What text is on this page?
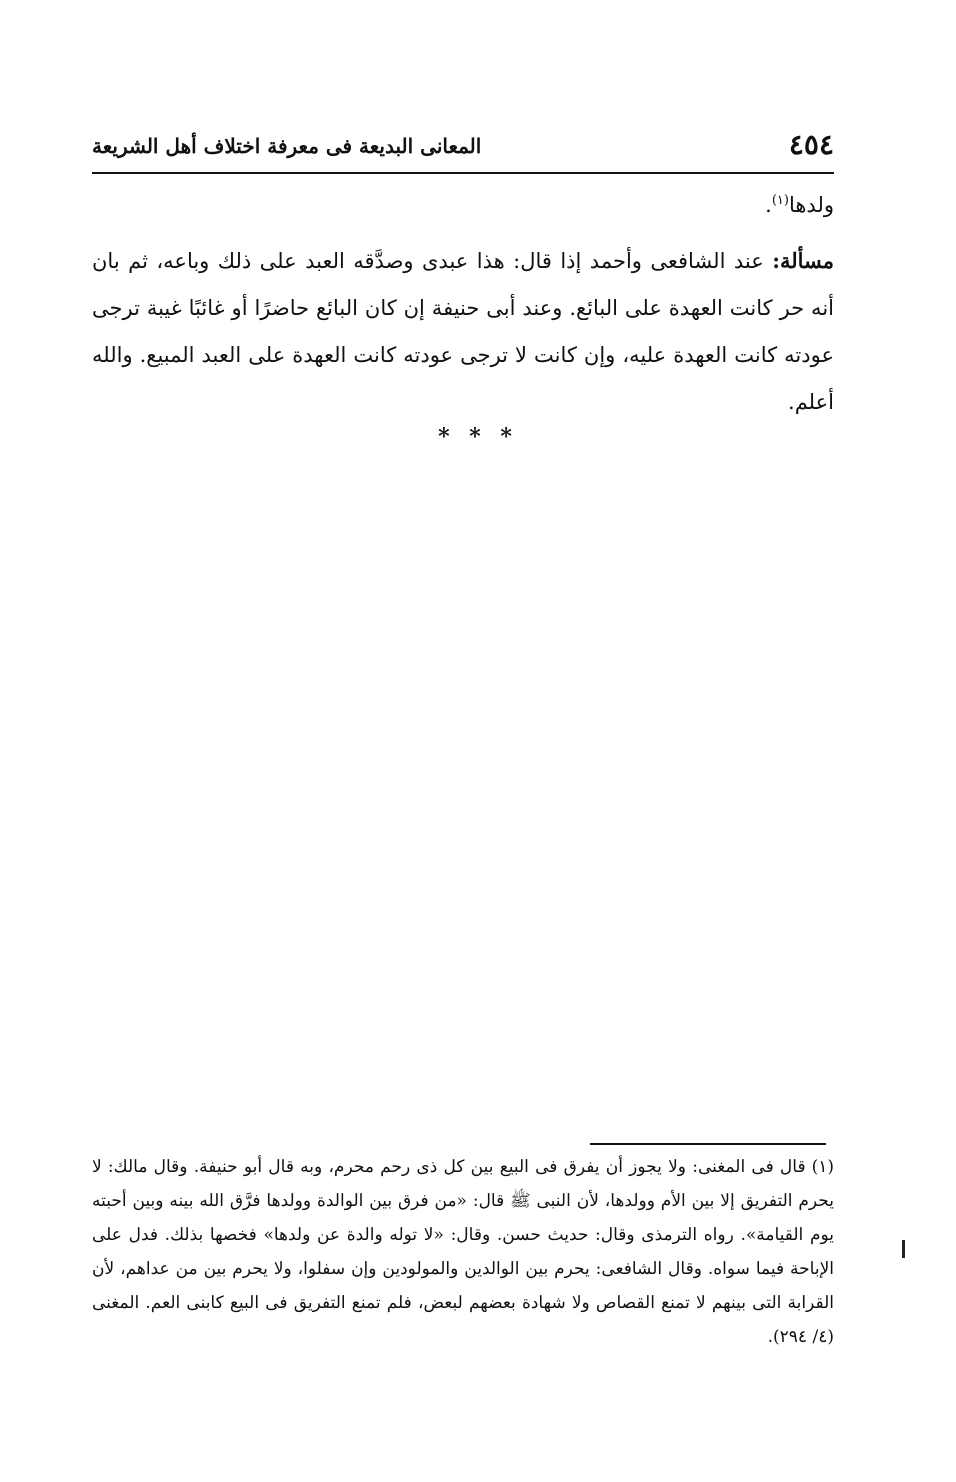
٤٥٤
المعانى البديعة فى معرفة اختلاف أهل الشريعة

ولدها$^{(١)}$.

مسألة: عند الشافعى وأحمد إذا قال: هذا عبدى وصدَّقه العبد على ذلك وباعه، ثم بان أنه حر كانت العهدة على البائع. وعند أبى حنيفة إن كان البائع حاضرًا أو غائبًا غيبة ترجى عودته كانت العهدة عليه، وإن كانت لا ترجى عودته كانت العهدة على العبد المبيع. والله أعلم.

* * *
(١)قال فى المغنى: ولا يجوز أن يفرق فى البيع بين كل ذى رحم محرم، وبه قال أبو حنيفة. وقال مالك: لا يحرم التفريق إلا بين الأم وولدها، لأن النبى ﷺ قال: «من فرق بين الوالدة وولدها فرَّق الله بينه وبين أحبته يوم القيامة». رواه الترمذى وقال: حديث حسن. وقال: «لا توله والدة عن ولدها» فخصها بذلك. فدل على الإباحة فيما سواه. وقال الشافعى: يحرم بين الوالدين والمولودين وإن سفلوا، ولا يحرم بين من عداهم، لأن القرابة التى بينهم لا تمنع القصاص ولا شهادة بعضهم لبعض، فلم تمنع التفريق فى البيع كابنى العم. المغنى (٤/ ٢٩٤).
